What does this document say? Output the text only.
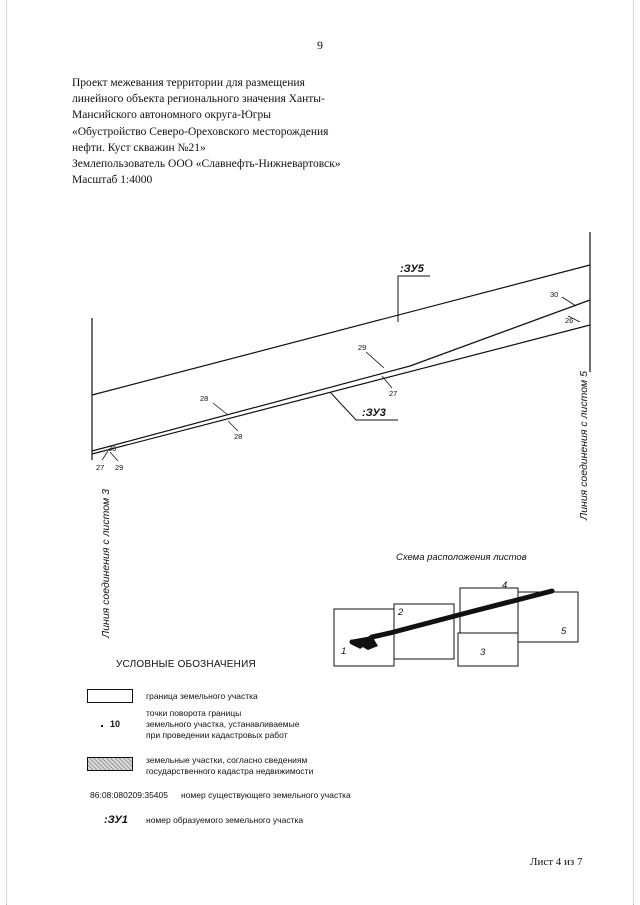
9
Проект межевания территории для размещения
линейного объекта регионального значения Ханты-
Мансийского автономного округа-Югры
«Обустройство Северо-Ореховского месторождения
нефти. Куст скважин №21»
Землепользователь ООО «Славнефть-Нижневартовск»
Масштаб 1:4000
:ЗУ5
:ЗУ3
30
26
29
27
28
28
36
27 29
Линия соединения с листом 3
Линия соединения с листом 5
Схема расположения листов
1
2
3
4
5
УСЛОВНЫЕ ОБОЗНАЧЕНИЯ
граница земельного участка
10
точки поворота границы
земельного участка, устанавливаемые
при проведении кадастровых работ
земельные участки, согласно сведениям
государственного кадастра недвижимости
86:08:080209:35405 номер существующего земельного участка
:ЗУ1 номер образуемого земельного участка
Лист 4 из 7
